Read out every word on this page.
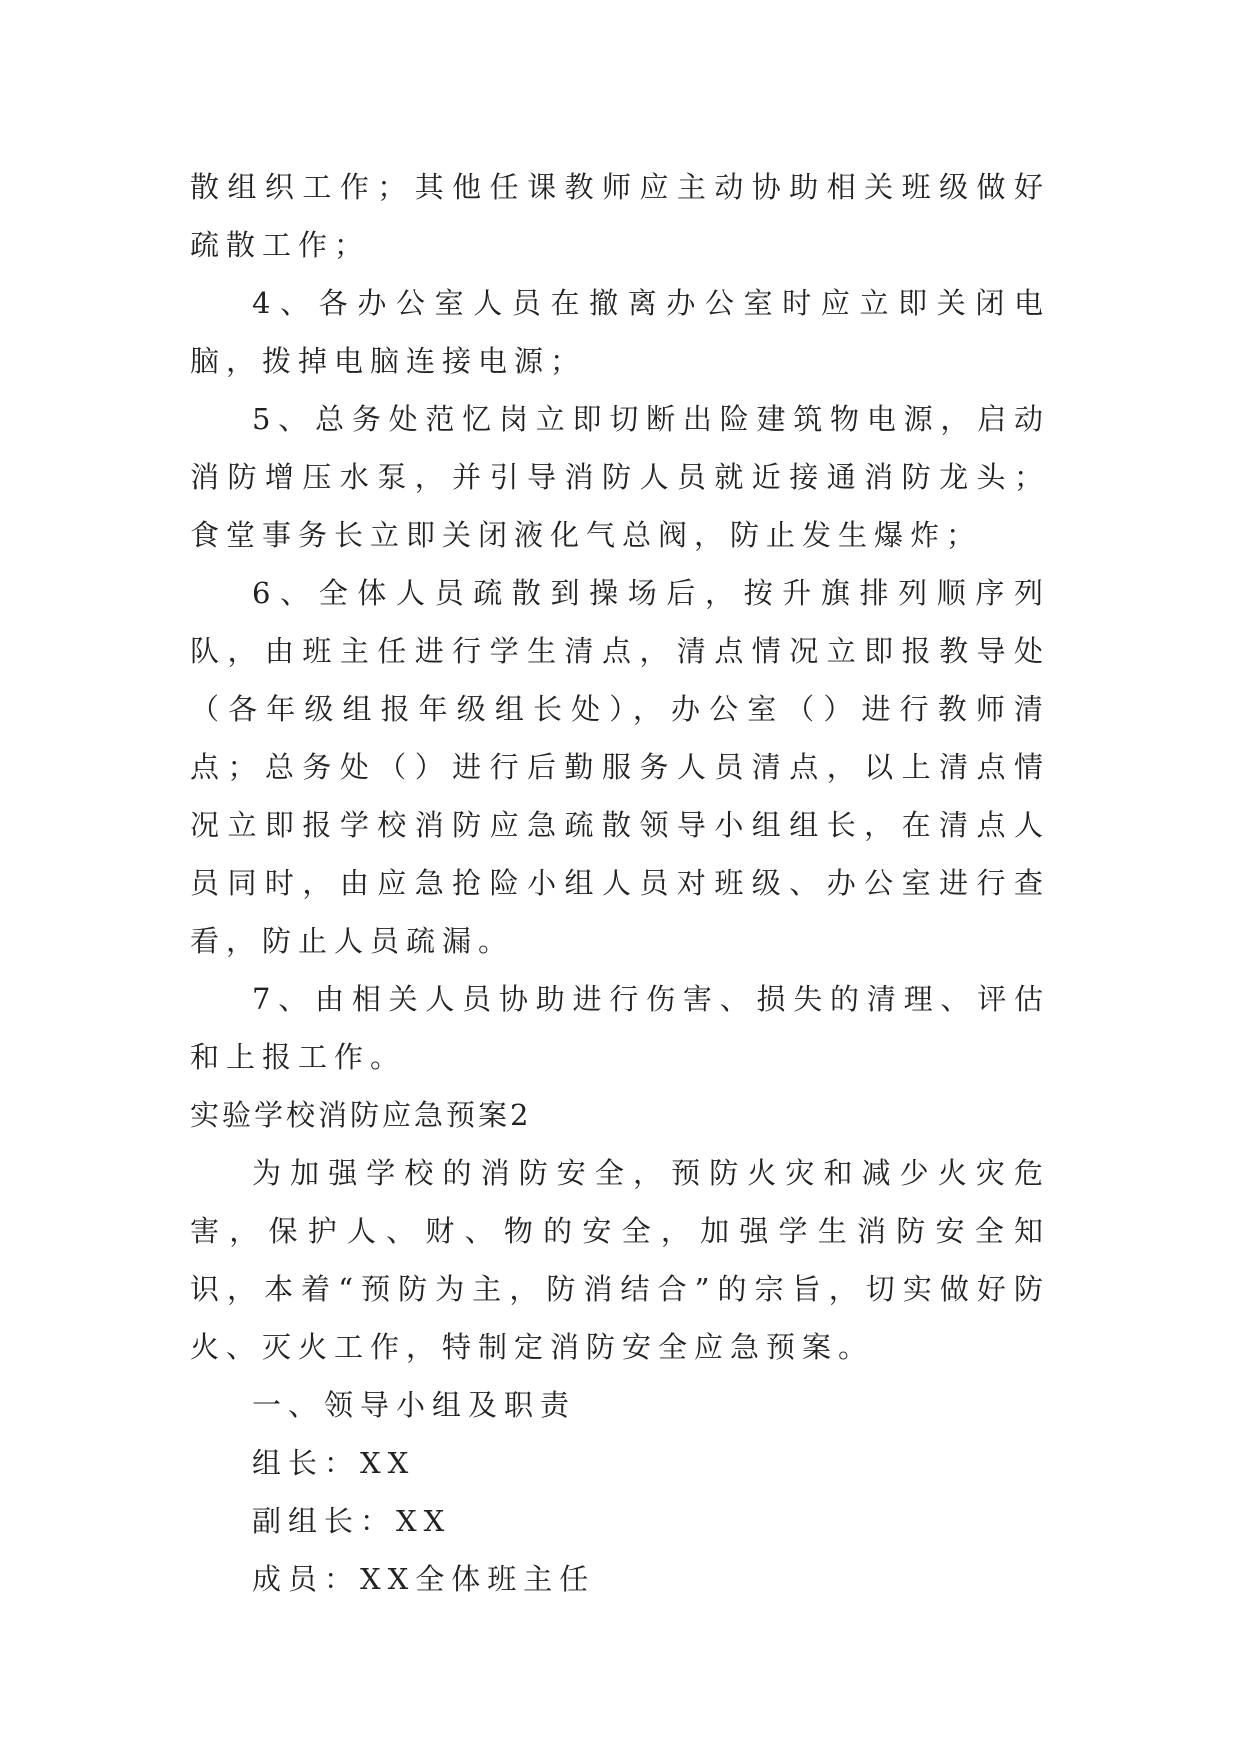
散组织工作；其他任课教师应主动协助相关班级做好疏散工作；

4、各办公室人员在撤离办公室时应立即关闭电脑，拨掉电脑连接电源；

5、总务处范忆岗立即切断出险建筑物电源，启动消防增压水泵，并引导消防人员就近接通消防龙头；食堂事务长立即关闭液化气总阀，防止发生爆炸；

6、全体人员疏散到操场后，按升旗排列顺序列队，由班主任进行学生清点，清点情况立即报教导处（各年级组报年级组长处），办公室（）进行教师清点；总务处（）进行后勤服务人员清点，以上清点情况立即报学校消防应急疏散领导小组组长，在清点人员同时，由应急抢险小组人员对班级、办公室进行查看，防止人员疏漏。

7、由相关人员协助进行伤害、损失的清理、评估和上报工作。

实验学校消防应急预案2

为加强学校的消防安全，预防火灾和减少火灾危害，保护人、财、物的安全，加强学生消防安全知识，本着“预防为主，防消结合”的宗旨，切实做好防火、灭火工作，特制定消防安全应急预案。

一、领导小组及职责

组长：XX

副组长：XX

成员：XX全体班主任
